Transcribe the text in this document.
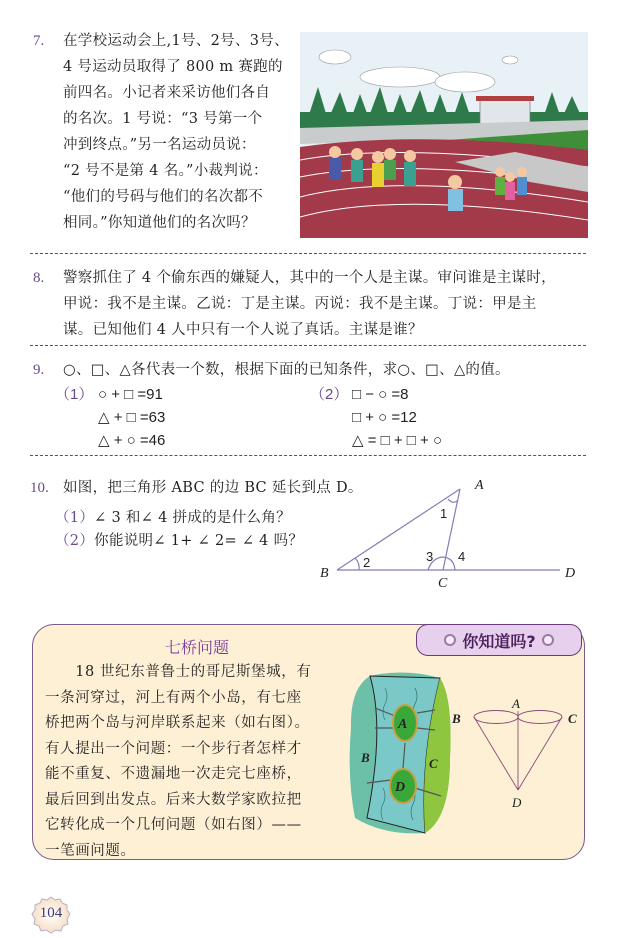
7. 在学校运动会上,1号、2号、3号、
4 号运动员取得了 800 m 赛跑的
前四名。小记者来采访他们各自
的名次。1 号说：“3 号第一个
冲到终点。”另一名运动员说：
“2 号不是第 4 名。”小裁判说：
“他们的号码与他们的名次都不
相同。”你知道他们的名次吗？
8. 警察抓住了 4 个偷东西的嫌疑人，其中的一个人是主谋。审问谁是主谋时，
甲说：我不是主谋。乙说：丁是主谋。丙说：我不是主谋。丁说：甲是主
谋。已知他们 4 人中只有一个人说了真话。主谋是谁？
9. ○、□、△各代表一个数，根据下面的已知条件，求○、□、△的值。
（1） ○ + □ =91
△ + □ =63
△ + ○ =46
（2） □ − ○ =8
□ + ○ =12
△ = □ + □ + ○
10. 如图，把三角形 ABC 的边 BC 延长到点 D。
（1）∠ 3 和∠ 4 拼成的是什么角？
（2）你能说明∠ 1+ ∠ 2= ∠ 4 吗？
A
B
C
D
1
2	3 4
你知道吗?
七桥问题
　　18 世纪东普鲁士的哥尼斯堡城，有
一条河穿过，河上有两个小岛，有七座
桥把两个岛与河岸联系起来（如右图）。
有人提出一个问题：一个步行者怎样才
能不重复、不遗漏地一次走完七座桥，
最后回到出发点。后来大数学家欧拉把
它转化成一个几何问题（如右图）——
一笔画问题。
A
B	C
D
A
B	C
D
104
